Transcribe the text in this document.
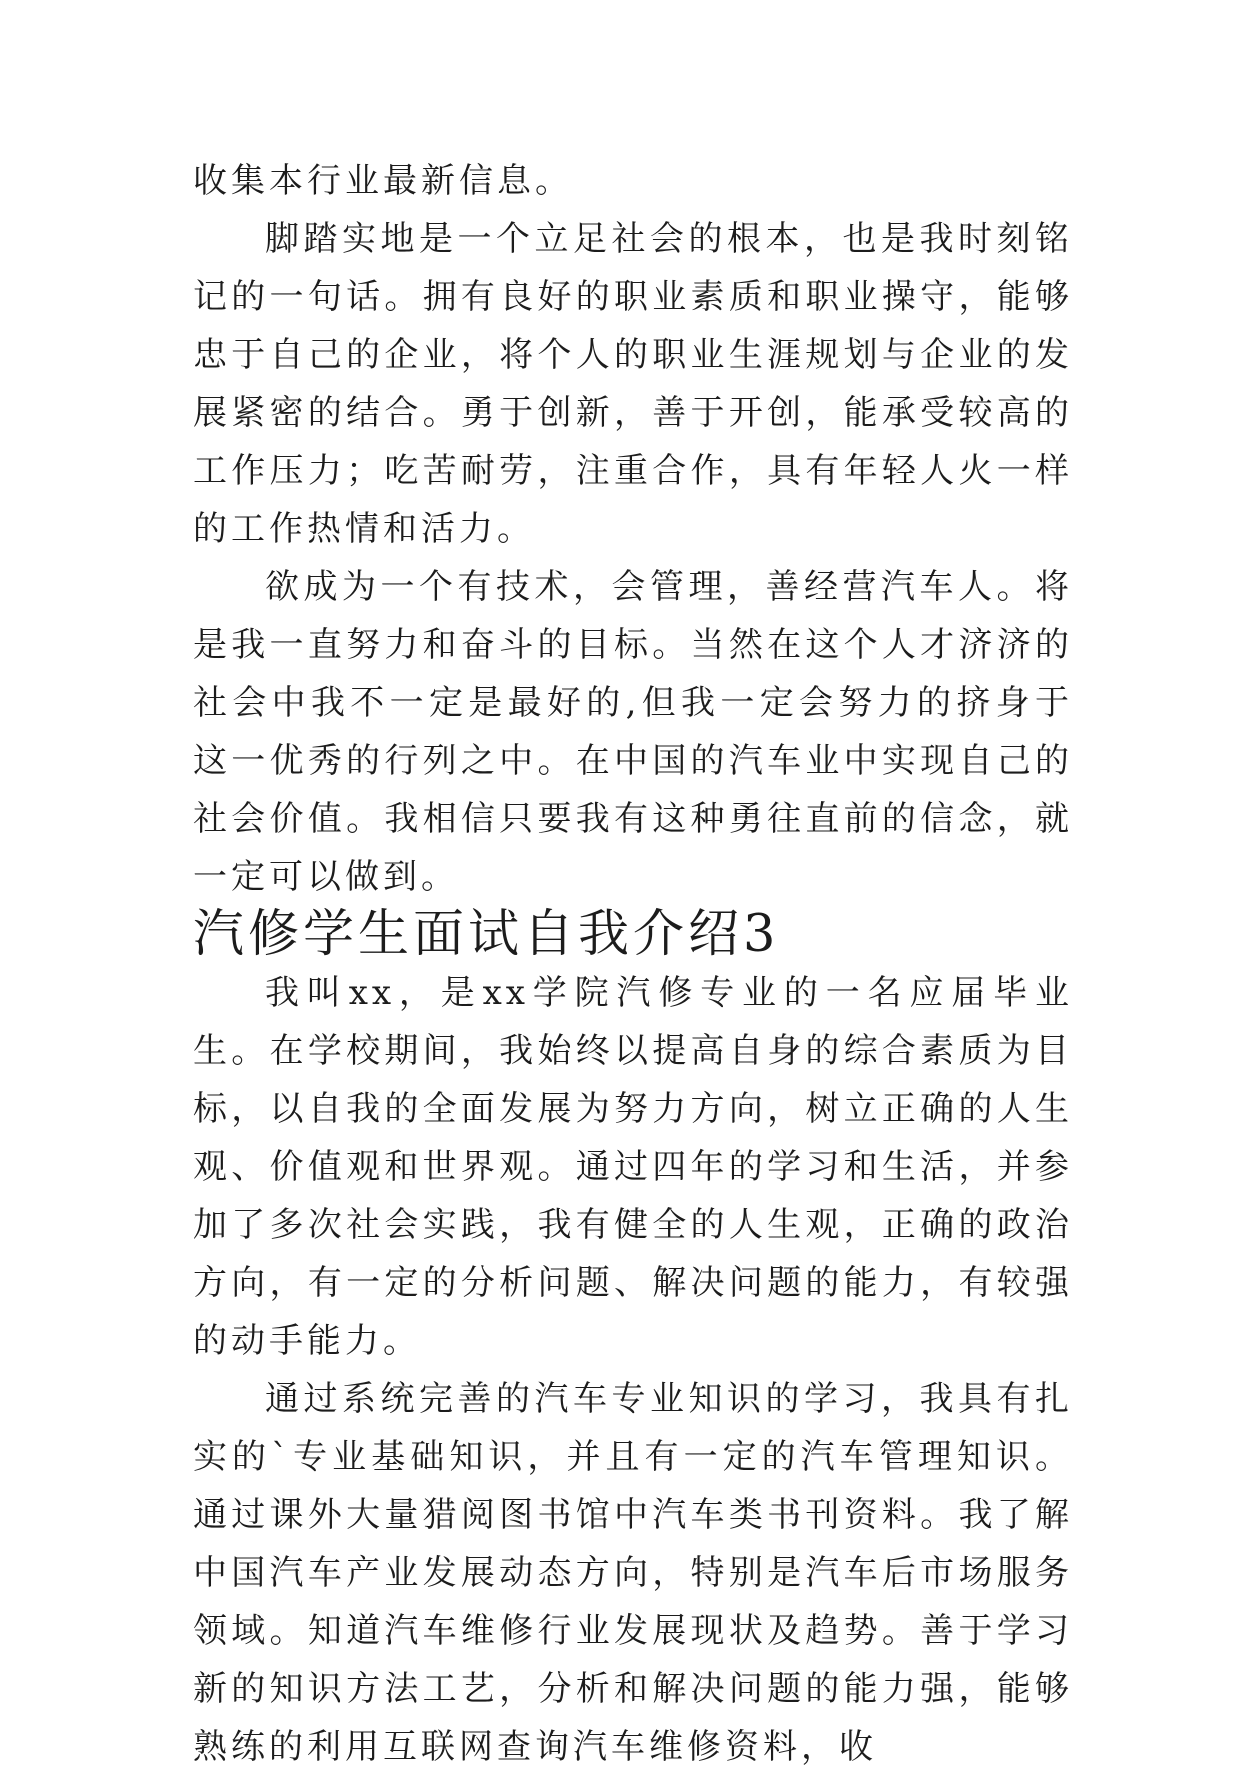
收集本行业最新信息。

脚踏实地是一个立足社会的根本，也是我时刻铭记的一句话。拥有良好的职业素质和职业操守，能够忠于自己的企业，将个人的职业生涯规划与企业的发展紧密的结合。勇于创新，善于开创，能承受较高的工作压力；吃苦耐劳，注重合作，具有年轻人火一样的工作热情和活力。

欲成为一个有技术，会管理，善经营汽车人。将是我一直努力和奋斗的目标。当然在这个人才济济的社会中我不一定是最好的,但我一定会努力的挤身于这一优秀的行列之中。在中国的汽车业中实现自己的社会价值。我相信只要我有这种勇往直前的信念，就一定可以做到。

汽修学生面试自我介绍3

我叫xx，是xx学院汽修专业的一名应届毕业生。在学校期间，我始终以提高自身的综合素质为目标，以自我的全面发展为努力方向，树立正确的人生观、价值观和世界观。通过四年的学习和生活，并参加了多次社会实践，我有健全的人生观，正确的政治方向，有一定的分析问题、解决问题的能力，有较强的动手能力。

通过系统完善的汽车专业知识的学习，我具有扎实的`专业基础知识，并且有一定的汽车管理知识。通过课外大量猎阅图书馆中汽车类书刊资料。我了解中国汽车产业发展动态方向，特别是汽车后市场服务领域。知道汽车维修行业发展现状及趋势。善于学习新的知识方法工艺，分析和解决问题的能力强，能够熟练的利用互联网查询汽车维修资料，收
